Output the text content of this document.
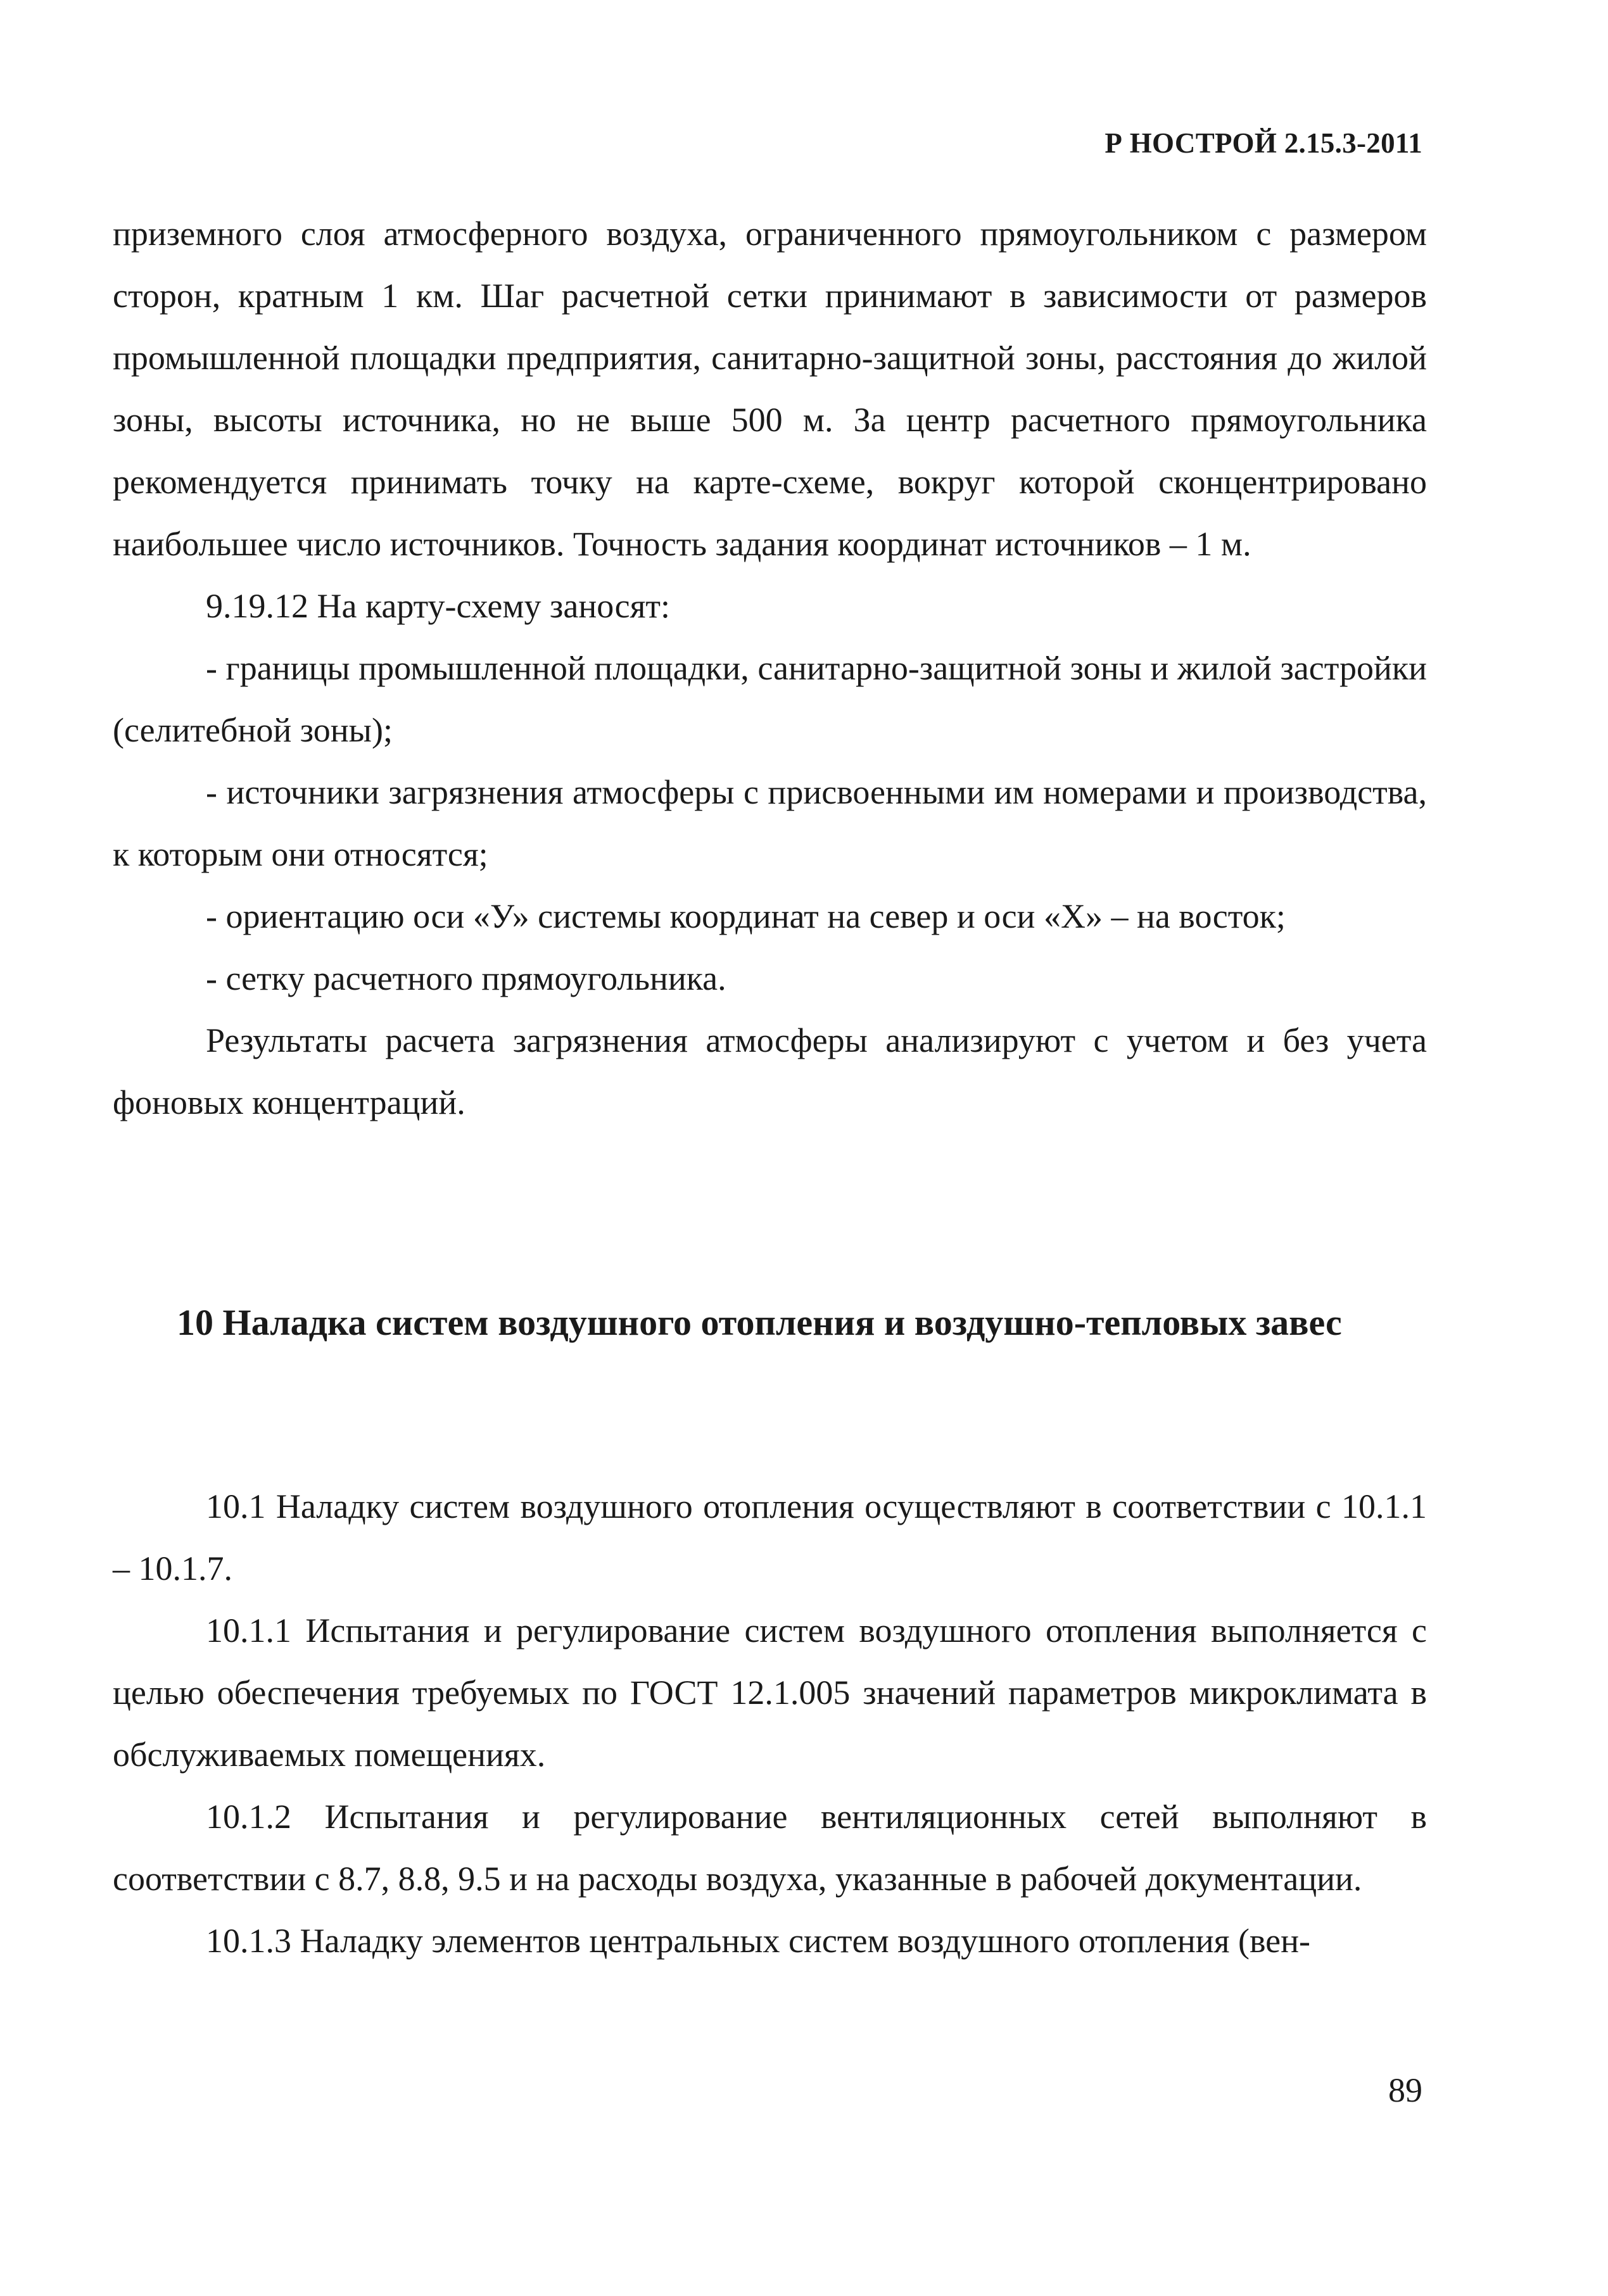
Р НОСТРОЙ 2.15.3-2011

приземного слоя атмосферного воздуха, ограниченного прямоугольником с размером сторон, кратным 1 км. Шаг расчетной сетки принимают в зависимости от размеров промышленной площадки предприятия, санитарно-защитной зоны, расстояния до жилой зоны, высоты источника, но не выше 500 м. За центр расчетного прямоугольника рекомендуется принимать точку на карте-схеме, вокруг которой сконцентрировано наибольшее число источников. Точность задания координат источников – 1 м.

9.19.12 На карту-схему заносят:

- границы промышленной площадки, санитарно-защитной зоны и жилой застройки (селитебной зоны);

- источники загрязнения атмосферы с присвоенными им номерами и производства, к которым они относятся;

- ориентацию оси «У» системы координат на север и оси «Х» – на восток;

- сетку расчетного прямоугольника.

Результаты расчета загрязнения атмосферы анализируют с учетом и без учета фоновых концентраций.

10 Наладка систем воздушного отопления и воздушно-тепловых завес

10.1 Наладку систем воздушного отопления осуществляют в соответствии с 10.1.1 – 10.1.7.

10.1.1 Испытания и регулирование систем воздушного отопления выполняется с целью обеспечения требуемых по ГОСТ 12.1.005 значений параметров микроклимата в обслуживаемых помещениях.

10.1.2 Испытания и регулирование вентиляционных сетей выполняют в соответствии с 8.7, 8.8, 9.5 и на расходы воздуха, указанные в рабочей документации.

10.1.3 Наладку элементов центральных систем воздушного отопления (вен-

89
